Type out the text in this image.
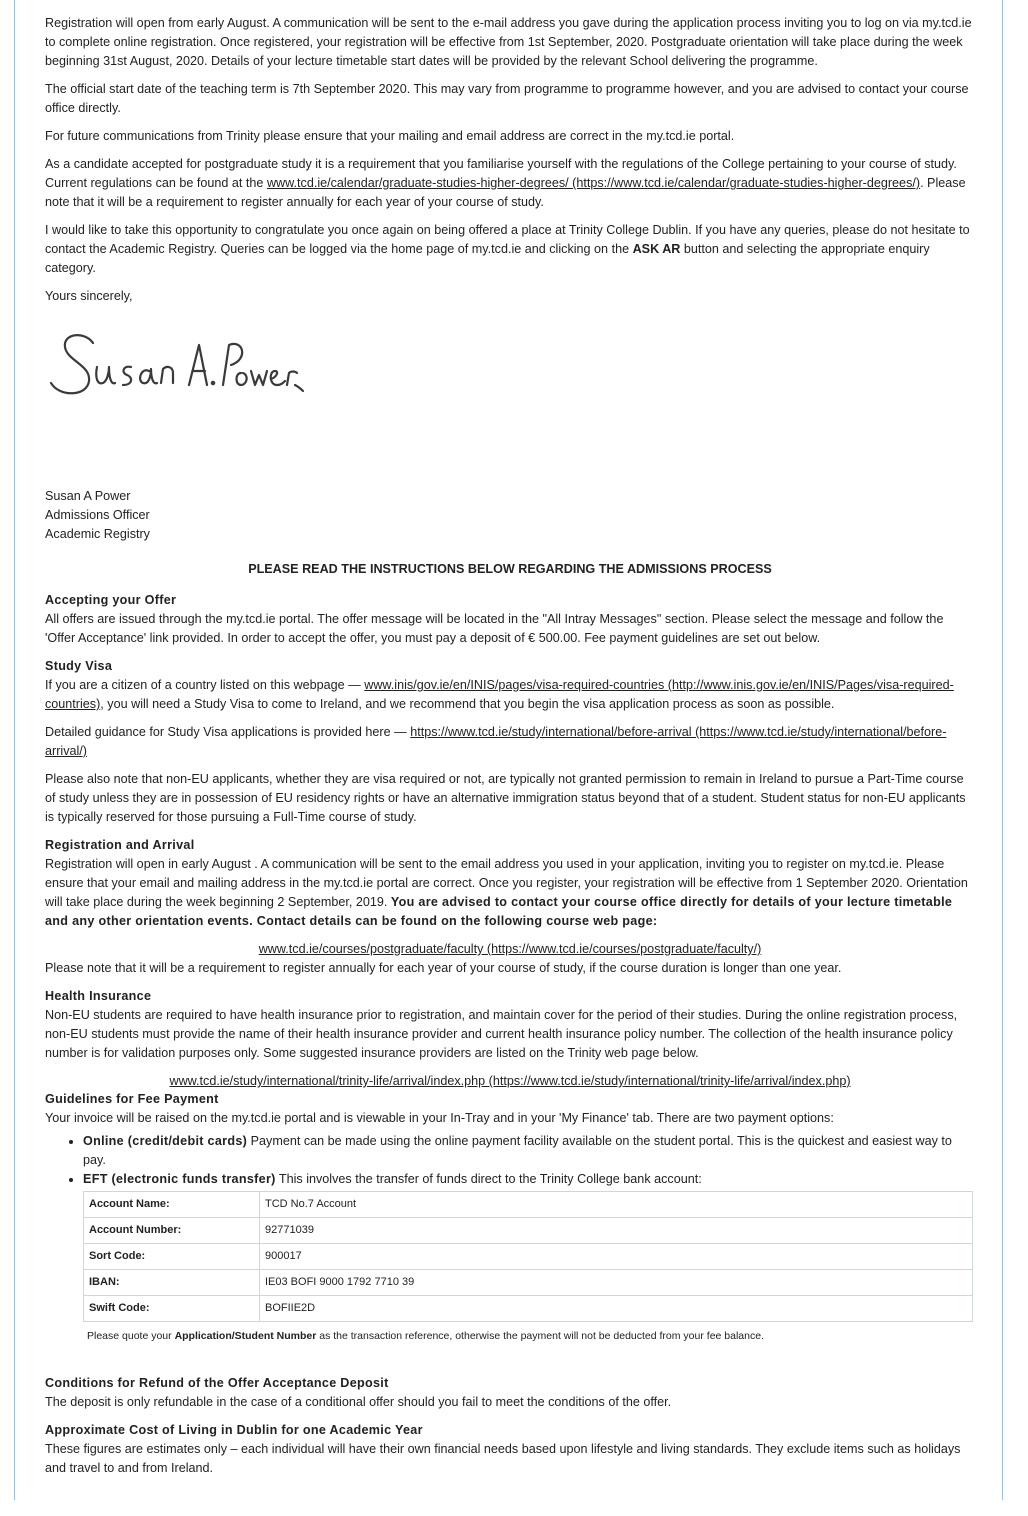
Registration will open from early August. A communication will be sent to the e-mail address you gave during the application process inviting you to log on via my.tcd.ie to complete online registration. Once registered, your registration will be effective from 1st September, 2020. Postgraduate orientation will take place during the week beginning 31st August, 2020. Details of your lecture timetable start dates will be provided by the relevant School delivering the programme.

The official start date of the teaching term is 7th September 2020. This may vary from programme to programme however, and you are advised to contact your course office directly.

For future communications from Trinity please ensure that your mailing and email address are correct in the my.tcd.ie portal.

As a candidate accepted for postgraduate study it is a requirement that you familiarise yourself with the regulations of the College pertaining to your course of study. Current regulations can be found at the www.tcd.ie/calendar/graduate-studies-higher-degrees/ (https://www.tcd.ie/calendar/graduate-studies-higher-degrees/). Please note that it will be a requirement to register annually for each year of your course of study.

I would like to take this opportunity to congratulate you once again on being offered a place at Trinity College Dublin. If you have any queries, please do not hesitate to contact the Academic Registry. Queries can be logged via the home page of my.tcd.ie and clicking on the ASK AR button and selecting the appropriate enquiry category.

Yours sincerely,

Susan A Power
Admissions Officer
Academic Registry
PLEASE READ THE INSTRUCTIONS BELOW REGARDING THE ADMISSIONS PROCESS
Accepting your Offer
All offers are issued through the my.tcd.ie portal. The offer message will be located in the "All Intray Messages" section. Please select the message and follow the 'Offer Acceptance' link provided. In order to accept the offer, you must pay a deposit of € 500.00. Fee payment guidelines are set out below.
Study Visa

If you are a citizen of a country listed on this webpage — www.inis/gov.ie/en/INIS/pages/visa-required-countries (http://www.inis.gov.ie/en/INIS/Pages/visa-required-countries), you will need a Study Visa to come to Ireland, and we recommend that you begin the visa application process as soon as possible.

Detailed guidance for Study Visa applications is provided here — https://www.tcd.ie/study/international/before-arrival (https://www.tcd.ie/study/international/before-arrival/)

Please also note that non-EU applicants, whether they are visa required or not, are typically not granted permission to remain in Ireland to pursue a Part-Time course of study unless they are in possession of EU residency rights or have an alternative immigration status beyond that of a student. Student status for non-EU applicants is typically reserved for those pursuing a Full-Time course of study.

Registration and Arrival
Registration will open in early August . A communication will be sent to the email address you used in your application, inviting you to register on my.tcd.ie. Please ensure that your email and mailing address in the my.tcd.ie portal are correct. Once you register, your registration will be effective from 1 September 2020. Orientation will take place during the week beginning 2 September, 2019. You are advised to contact your course office directly for details of your lecture timetable and any other orientation events. Contact details can be found on the following course web page:
www.tcd.ie/courses/postgraduate/faculty (https://www.tcd.ie/courses/postgraduate/faculty/)
Please note that it will be a requirement to register annually for each year of your course of study, if the course duration is longer than one year.
Health Insurance
Non-EU students are required to have health insurance prior to registration, and maintain cover for the period of their studies. During the online registration process, non-EU students must provide the name of their health insurance provider and current health insurance policy number. The collection of the health insurance policy number is for validation purposes only. Some suggested insurance providers are listed on the Trinity web page below.
www.tcd.ie/study/international/trinity-life/arrival/index.php (https://www.tcd.ie/study/international/trinity-life/arrival/index.php)
Guidelines for Fee Payment
Your invoice will be raised on the my.tcd.ie portal and is viewable in your In-Tray and in your 'My Finance' tab. There are two payment options:
• Online (credit/debit cards) Payment can be made using the online payment facility available on the student portal. This is the quickest and easiest way to pay.
• EFT (electronic funds transfer) This involves the transfer of funds direct to the Trinity College bank account:
Account Name:	TCD No.7 Account
Account Number:	92771039
Sort Code:	900017
IBAN:	IE03 BOFI 9000 1792 7710 39
Swift Code:	BOFIIE2D
Please quote your Application/Student Number as the transaction reference, otherwise the payment will not be deducted from your fee balance.
Conditions for Refund of the Offer Acceptance Deposit
The deposit is only refundable in the case of a conditional offer should you fail to meet the conditions of the offer.
Approximate Cost of Living in Dublin for one Academic Year
These figures are estimates only – each individual will have their own financial needs based upon lifestyle and living standards. They exclude items such as holidays and travel to and from Ireland.
